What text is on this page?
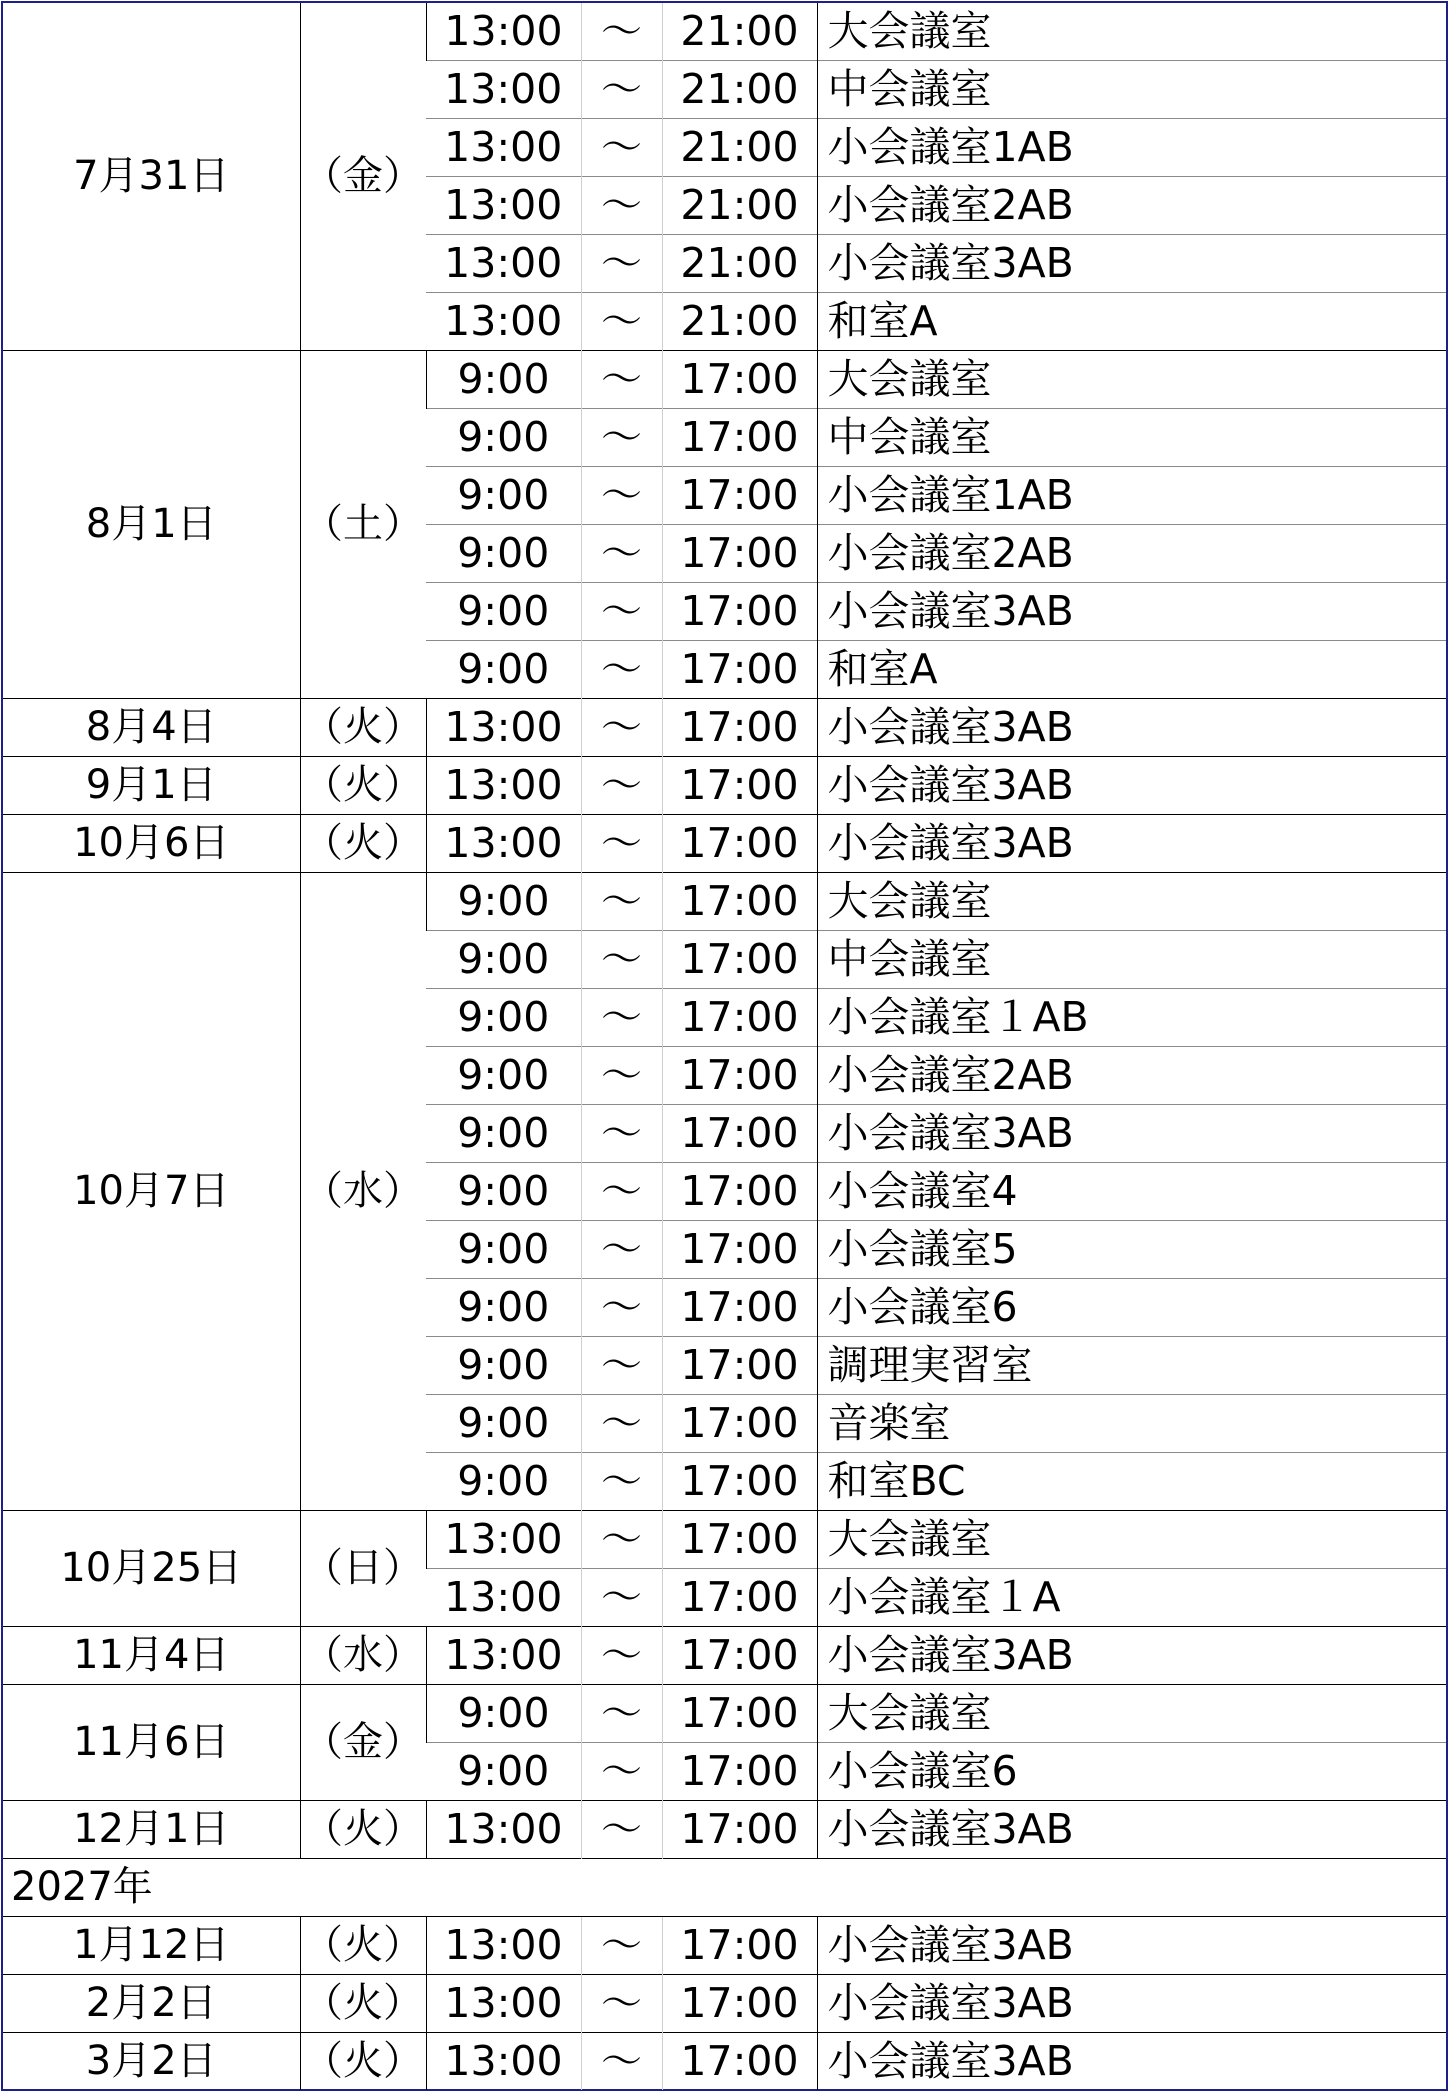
7月31日	（金）	13:00	～	21:00	大会議室
		13:00	～	21:00	中会議室
		13:00	～	21:00	小会議室1AB
		13:00	～	21:00	小会議室2AB
		13:00	～	21:00	小会議室3AB
		13:00	～	21:00	和室A
8月1日	（土）	9:00	～	17:00	大会議室
		9:00	～	17:00	中会議室
		9:00	～	17:00	小会議室1AB
		9:00	～	17:00	小会議室2AB
		9:00	～	17:00	小会議室3AB
		9:00	～	17:00	和室A
8月4日	（火）	13:00	～	17:00	小会議室3AB
9月1日	（火）	13:00	～	17:00	小会議室3AB
10月6日	（火）	13:00	～	17:00	小会議室3AB
10月7日	（水）	9:00	～	17:00	大会議室
		9:00	～	17:00	中会議室
		9:00	～	17:00	小会議室１AB
		9:00	～	17:00	小会議室2AB
		9:00	～	17:00	小会議室3AB
		9:00	～	17:00	小会議室4
		9:00	～	17:00	小会議室5
		9:00	～	17:00	小会議室6
		9:00	～	17:00	調理実習室
		9:00	～	17:00	音楽室
		9:00	～	17:00	和室BC
10月25日	（日）	13:00	～	17:00	大会議室
		13:00	～	17:00	小会議室１A
11月4日	（水）	13:00	～	17:00	小会議室3AB
11月6日	（金）	9:00	～	17:00	大会議室
		9:00	～	17:00	小会議室6
12月1日	（火）	13:00	～	17:00	小会議室3AB
2027年					
1月12日	（火）	13:00	～	17:00	小会議室3AB
2月2日	（火）	13:00	～	17:00	小会議室3AB
3月2日	（火）	13:00	～	17:00	小会議室3AB
